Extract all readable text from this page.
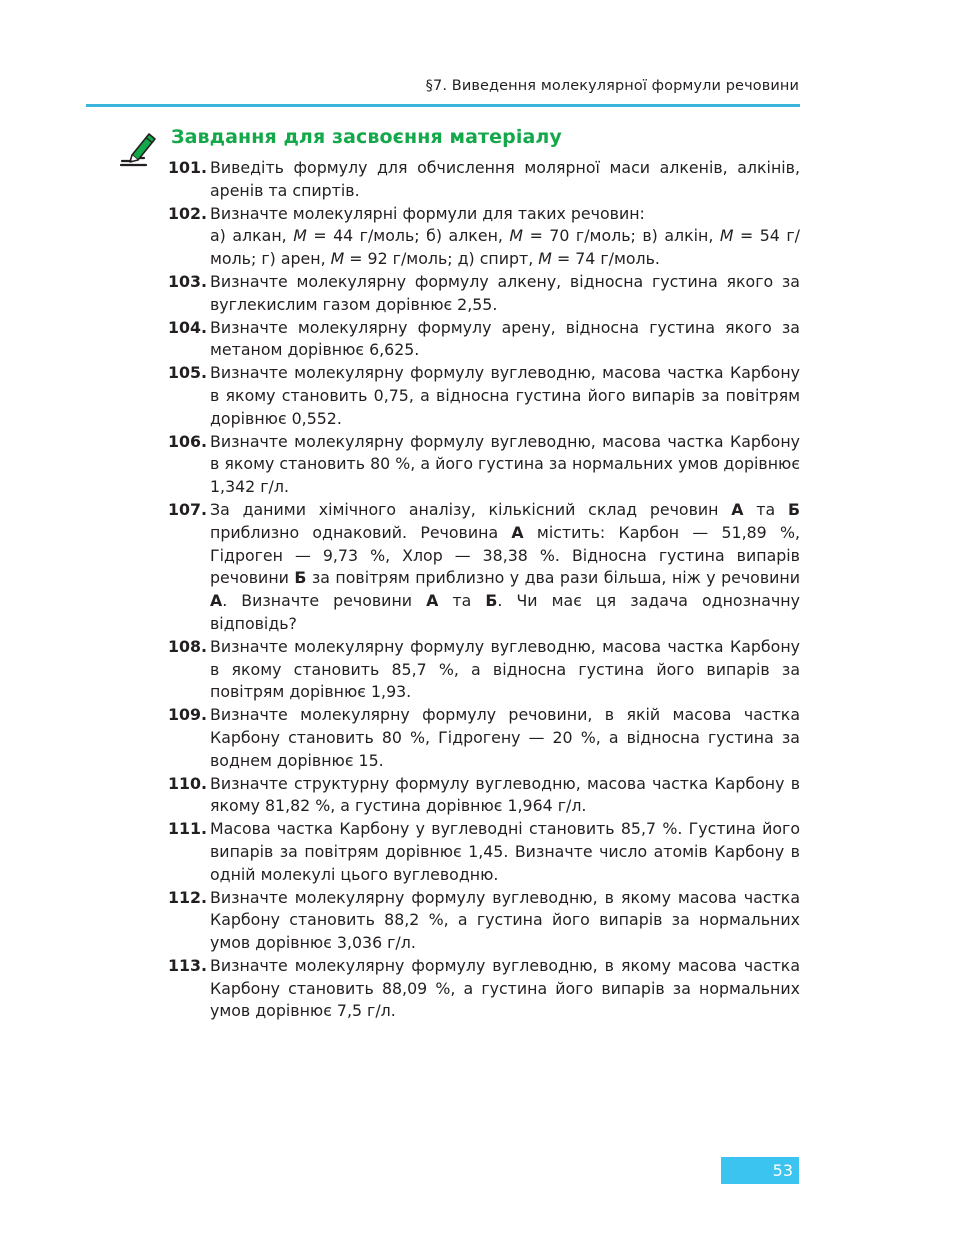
§7. Виведення молекулярної формули речовини
Завдання для засвоєння матеріалу
101. Виведіть формулу для обчислення молярної маси алкенів, алкінів, аренів та спиртів.
102. Визначте молекулярні формули для таких речовин:
а) алкан, M = 44 г/моль; б) алкен, M = 70 г/моль; в) алкін, M = 54 г/моль; г) арен, M = 92 г/моль; д) спирт, M = 74 г/моль.
103. Визначте молекулярну формулу алкену, відносна густина якого за вуглекислим газом дорівнює 2,55.
104. Визначте молекулярну формулу арену, відносна густина якого за метаном дорівнює 6,625.
105. Визначте молекулярну формулу вуглеводню, масова частка Карбону в якому становить 0,75, а відносна густина його випарів за повітрям дорівнює 0,552.
106. Визначте молекулярну формулу вуглеводню, масова частка Карбону в якому становить 80 %, а його густина за нормальних умов дорівнює 1,342 г/л.
107. За даними хімічного аналізу, кількісний склад речовин А та Б приблизно однаковий. Речовина А містить: Карбон — 51,89 %, Гідроген — 9,73 %, Хлор — 38,38 %. Відносна густина випарів речовини Б за повітрям приблизно у два рази більша, ніж у речовини А. Визначте речовини А та Б. Чи має ця задача однозначну відповідь?
108. Визначте молекулярну формулу вуглеводню, масова частка Карбону в якому становить 85,7 %, а відносна густина його випарів за повітрям дорівнює 1,93.
109. Визначте молекулярну формулу речовини, в якій масова частка Карбону становить 80 %, Гідрогену — 20 %, а відносна густина за воднем дорівнює 15.
110. Визначте структурну формулу вуглеводню, масова частка Карбону в якому 81,82 %, а густина дорівнює 1,964 г/л.
111. Масова частка Карбону у вуглеводні становить 85,7 %. Густина його випарів за повітрям дорівнює 1,45. Визначте число атомів Карбону в одній молекулі цього вуглеводню.
112. Визначте молекулярну формулу вуглеводню, в якому масова частка Карбону становить 88,2 %, а густина його випарів за нормальних умов дорівнює 3,036 г/л.
113. Визначте молекулярну формулу вуглеводню, в якому масова частка Карбону становить 88,09 %, а густина його випарів за нормальних умов дорівнює 7,5 г/л.
53
